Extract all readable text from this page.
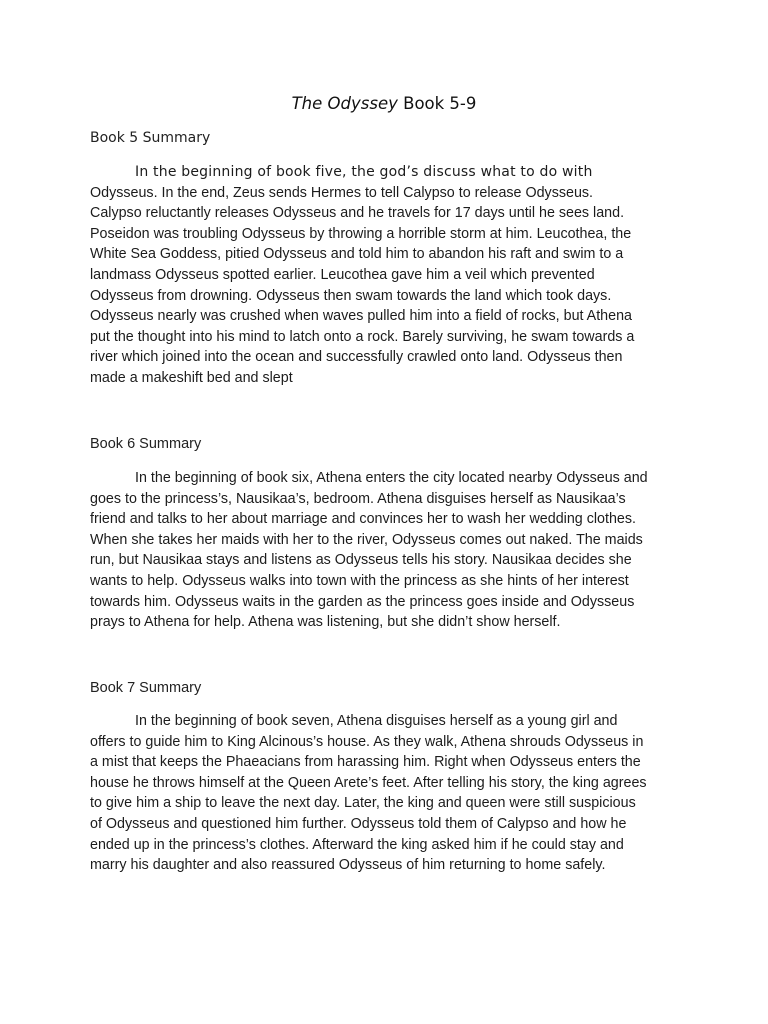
The Odyssey Book 5-9
Book 5 Summary

In the beginning of book five, the god’s discuss what to do with
Odysseus. In the end, Zeus sends Hermes to tell Calypso to release Odysseus.
Calypso reluctantly releases Odysseus and he travels for 17 days until he sees land.
Poseidon was troubling Odysseus by throwing a horrible storm at him. Leucothea, the
White Sea Goddess, pitied Odysseus and told him to abandon his raft and swim to a
landmass Odysseus spotted earlier. Leucothea gave him a veil which prevented
Odysseus from drowning. Odysseus then swam towards the land which took days.
Odysseus nearly was crushed when waves pulled him into a field of rocks, but Athena
put the thought into his mind to latch onto a rock. Barely surviving, he swam towards a
river which joined into the ocean and successfully crawled onto land. Odysseus then
made a makeshift bed and slept

Book 6 Summary

In the beginning of book six, Athena enters the city located nearby Odysseus and
goes to the princess’s, Nausikaa’s, bedroom. Athena disguises herself as Nausikaa’s
friend and talks to her about marriage and convinces her to wash her wedding clothes.
When she takes her maids with her to the river, Odysseus comes out naked. The maids
run, but Nausikaa stays and listens as Odysseus tells his story. Nausikaa decides she
wants to help. Odysseus walks into town with the princess as she hints of her interest
towards him. Odysseus waits in the garden as the princess goes inside and Odysseus
prays to Athena for help. Athena was listening, but she didn’t show herself.

Book 7 Summary

In the beginning of book seven, Athena disguises herself as a young girl and
offers to guide him to King Alcinous’s house. As they walk, Athena shrouds Odysseus in
a mist that keeps the Phaeacians from harassing him. Right when Odysseus enters the
house he throws himself at the Queen Arete’s feet. After telling his story, the king agrees
to give him a ship to leave the next day. Later, the king and queen were still suspicious
of Odysseus and questioned him further. Odysseus told them of Calypso and how he
ended up in the princess’s clothes. Afterward the king asked him if he could stay and
marry his daughter and also reassured Odysseus of him returning to home safely.
